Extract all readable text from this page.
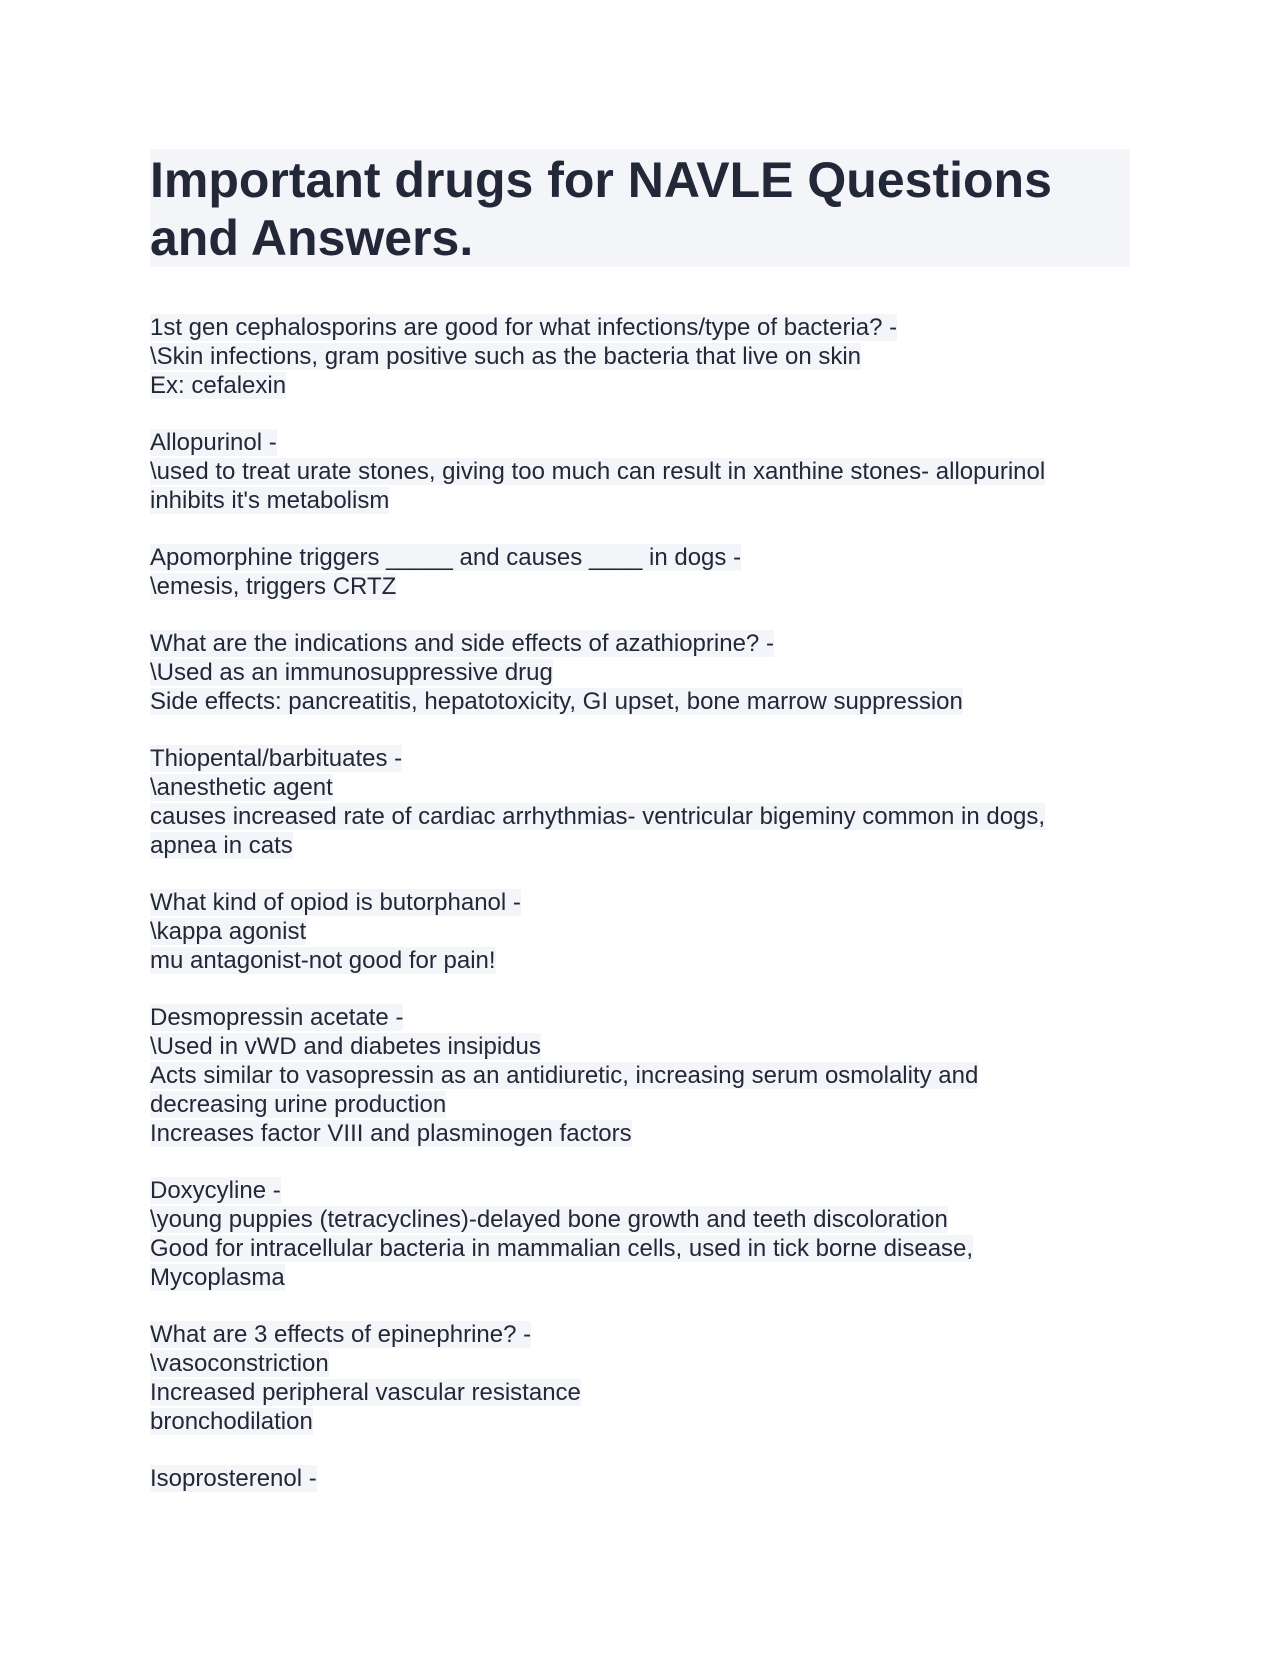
Important drugs for NAVLE Questions and Answers.
1st gen cephalosporins are good for what infections/type of bacteria? -
\Skin infections, gram positive such as the bacteria that live on skin
Ex: cefalexin
Allopurinol -
\used to treat urate stones, giving too much can result in xanthine stones- allopurinol
inhibits it's metabolism
Apomorphine triggers _____ and causes ____ in dogs -
\emesis, triggers CRTZ
What are the indications and side effects of azathioprine? -
\Used as an immunosuppressive drug
Side effects: pancreatitis, hepatotoxicity, GI upset, bone marrow suppression
Thiopental/barbituates -
\anesthetic agent
causes increased rate of cardiac arrhythmias- ventricular bigeminy common in dogs,
apnea in cats
What kind of opiod is butorphanol -
\kappa agonist
mu antagonist-not good for pain!
Desmopressin acetate -
\Used in vWD and diabetes insipidus
Acts similar to vasopressin as an antidiuretic, increasing serum osmolality and
decreasing urine production
Increases factor VIII and plasminogen factors
Doxycyline -
\young puppies (tetracyclines)-delayed bone growth and teeth discoloration
Good for intracellular bacteria in mammalian cells, used in tick borne disease,
Mycoplasma
What are 3 effects of epinephrine? -
\vasoconstriction
Increased peripheral vascular resistance
bronchodilation
Isoprosterenol -
